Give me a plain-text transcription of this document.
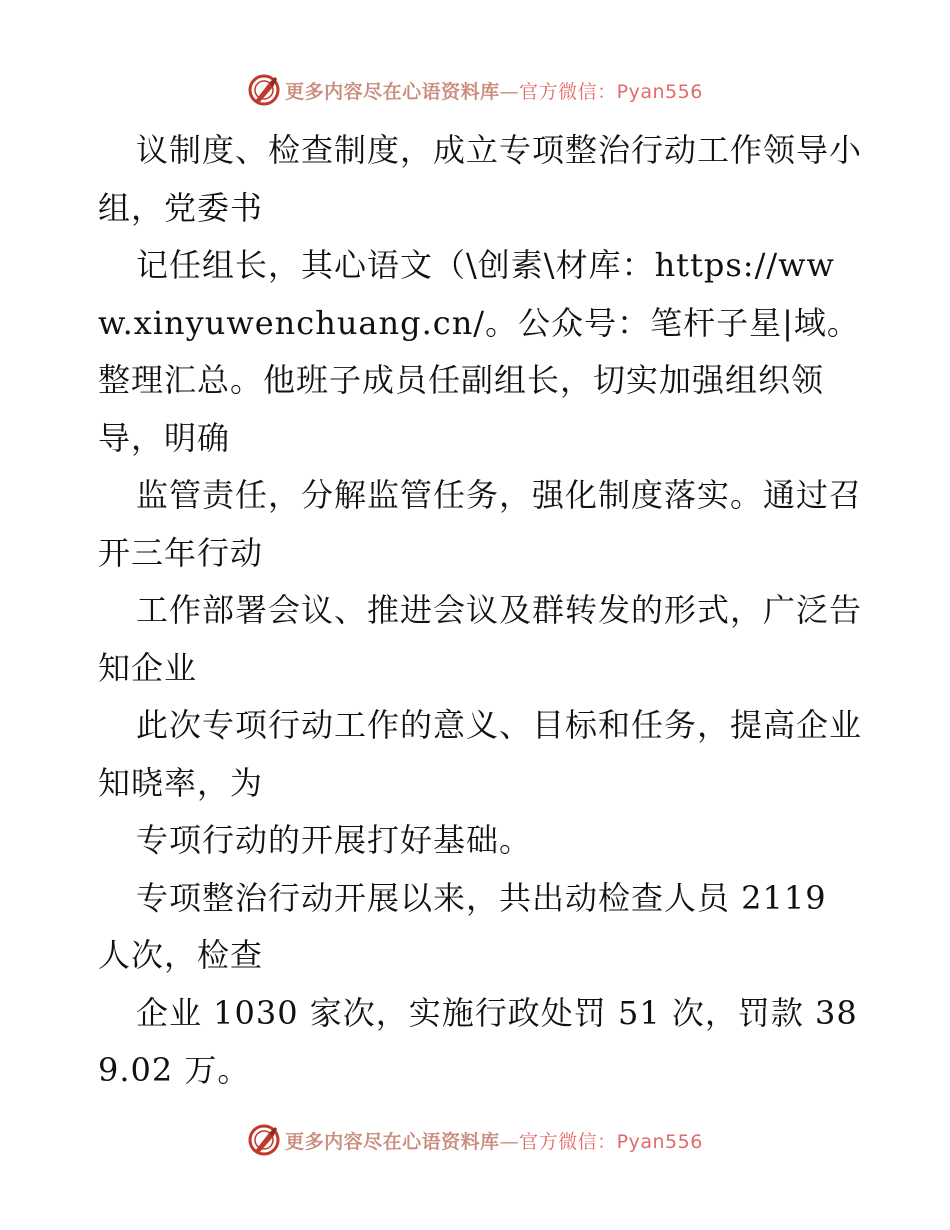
更多内容尽在心语资料库—官方微信：Pyan556

议制度、检查制度，成立专项整治行动工作领导小组，党委书

记任组长，其心语文（\创素\材库：https://www.xinyuwenchuang.cn/。公众号：笔杆子星|域。整理汇总。他班子成员任副组长，切实加强组织领导，明确

监管责任，分解监管任务，强化制度落实。通过召开三年行动

工作部署会议、推进会议及群转发的形式，广泛告知企业

此次专项行动工作的意义、目标和任务，提高企业知晓率，为

专项行动的开展打好基础。

专项整治行动开展以来，共出动检查人员 2119 人次，检查

企业 1030 家次，实施行政处罚 51 次，罚款 389.02 万。

更多内容尽在心语资料库—官方微信：Pyan556
